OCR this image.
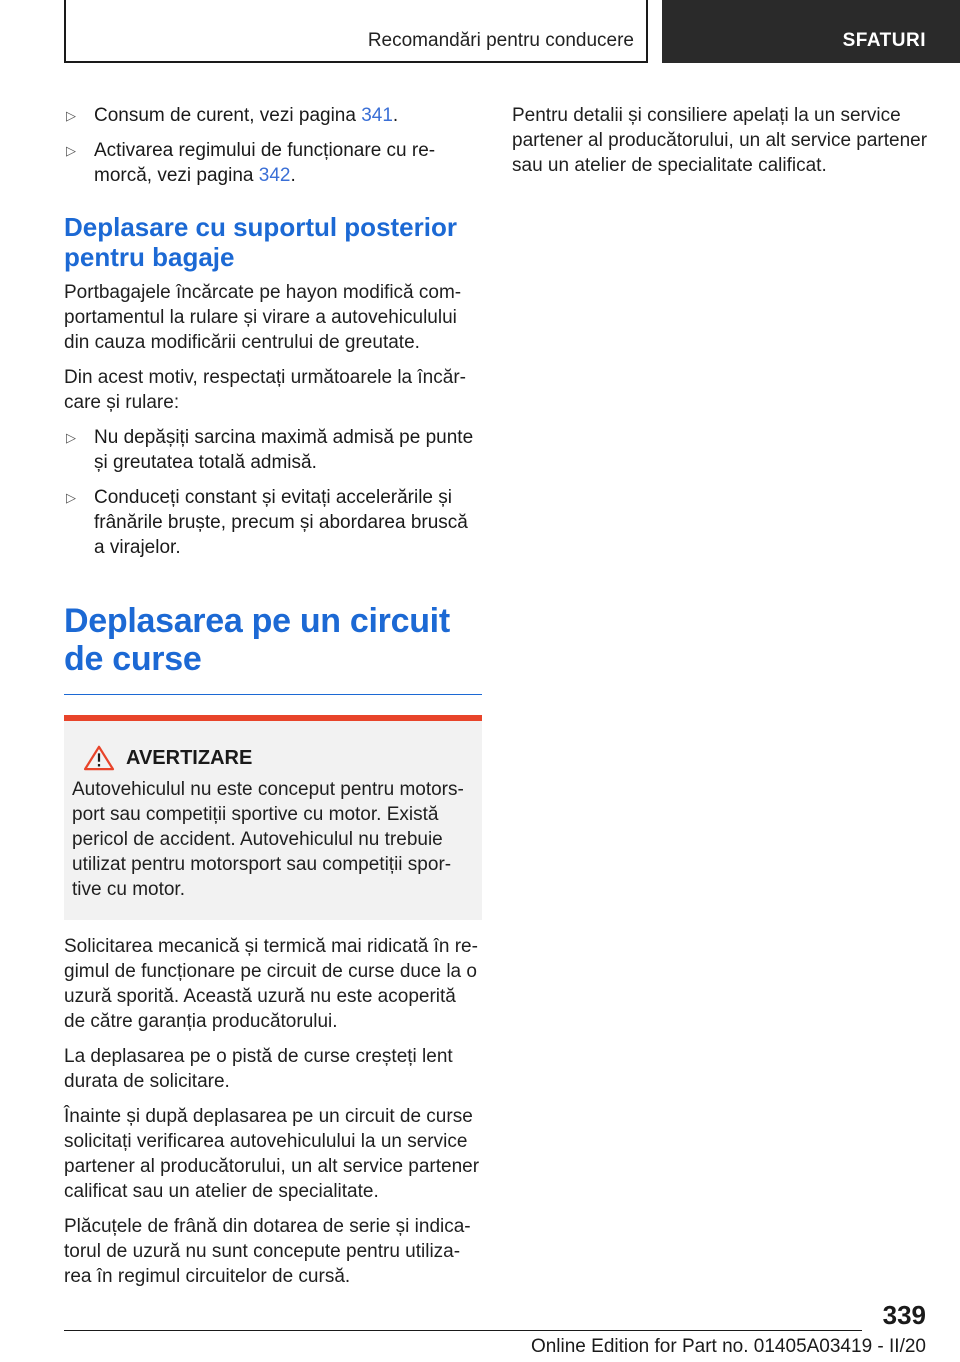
Recomandări pentru conducere	SFATURI
▷ Consum de curent, vezi pagina 341.
▷ Activarea regimului de funcționare cu re-morcă, vezi pagina 342.
Deplasare cu suportul posterior pentru bagaje

Portbagajele încărcate pe hayon modifică com-portamentul la rulare și virare a autovehiculului din cauza modificării centrului de greutate.

Din acest motiv, respectați următoarele la încăr-care și rulare:

▷ Nu depășiți sarcina maximă admisă pe punte și greutatea totală admisă.
▷ Conduceți constant și evitați accelerările și frânările bruște, precum și abordarea bruscă a virajelor.
Deplasarea pe un circuit de curse
AVERTIZARE

Autovehiculul nu este conceput pentru motors-port sau competiții sportive cu motor. Există pericol de accident. Autovehiculul nu trebuie utilizat pentru motorsport sau competiții spor-tive cu motor.

Solicitarea mecanică și termică mai ridicată în re-gimul de funcționare pe circuit de curse duce la o uzură sporită. Această uzură nu este acoperită de către garanția producătorului.

La deplasarea pe o pistă de curse creșteți lent durata de solicitare.

Înainte și după deplasarea pe un circuit de curse solicitați verificarea autovehiculului la un service partener al producătorului, un alt service partener calificat sau un atelier de specialitate.

Plăcuțele de frână din dotarea de serie și indica-torul de uzură nu sunt concepute pentru utiliza-rea în regimul circuitelor de cursă.

Pentru detalii și consiliere apelați la un service partener al producătorului, un alt service partener sau un atelier de specialitate calificat.

339
Online Edition for Part no. 01405A03419 - II/20
